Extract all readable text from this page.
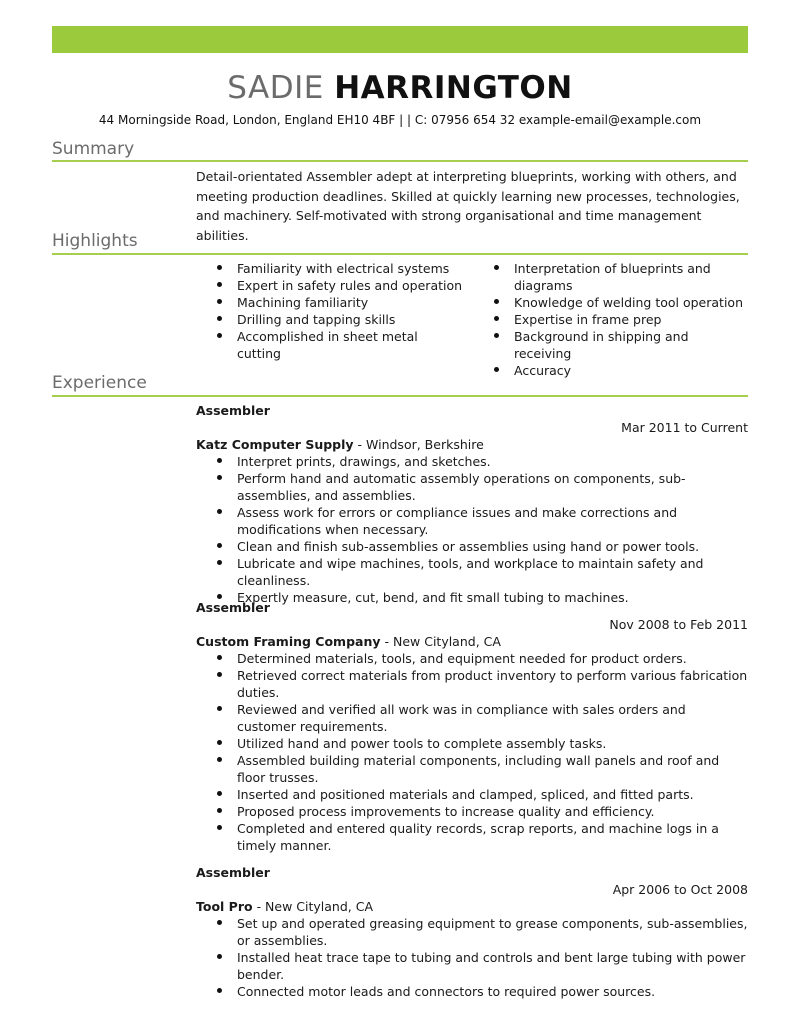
SADIE HARRINGTON
44 Morningside Road, London, England EH10 4BF | | C: 07956 654 32 example-email@example.com
Summary
Detail-orientated Assembler adept at interpreting blueprints, working with others, and meeting production deadlines. Skilled at quickly learning new processes, technologies, and machinery. Self-motivated with strong organisational and time management abilities.
Highlights
Familiarity with electrical systems
Expert in safety rules and operation
Machining familiarity
Drilling and tapping skills
Accomplished in sheet metal cutting
Interpretation of blueprints and diagrams
Knowledge of welding tool operation
Expertise in frame prep
Background in shipping and receiving
Accuracy
Experience
Assembler
Mar 2011 to Current
Katz Computer Supply - Windsor, Berkshire
Interpret prints, drawings, and sketches.
Perform hand and automatic assembly operations on components, sub-assemblies, and assemblies.
Assess work for errors or compliance issues and make corrections and modifications when necessary.
Clean and finish sub-assemblies or assemblies using hand or power tools.
Lubricate and wipe machines, tools, and workplace to maintain safety and cleanliness.
Expertly measure, cut, bend, and fit small tubing to machines.
Assembler
Nov 2008 to Feb 2011
Custom Framing Company - New Cityland, CA
Determined materials, tools, and equipment needed for product orders.
Retrieved correct materials from product inventory to perform various fabrication duties.
Reviewed and verified all work was in compliance with sales orders and customer requirements.
Utilized hand and power tools to complete assembly tasks.
Assembled building material components, including wall panels and roof and floor trusses.
Inserted and positioned materials and clamped, spliced, and fitted parts.
Proposed process improvements to increase quality and efficiency.
Completed and entered quality records, scrap reports, and machine logs in a timely manner.
Assembler
Apr 2006 to Oct 2008
Tool Pro - New Cityland, CA
Set up and operated greasing equipment to grease components, sub-assemblies, or assemblies.
Installed heat trace tape to tubing and controls and bent large tubing with power bender.
Connected motor leads and connectors to required power sources.
